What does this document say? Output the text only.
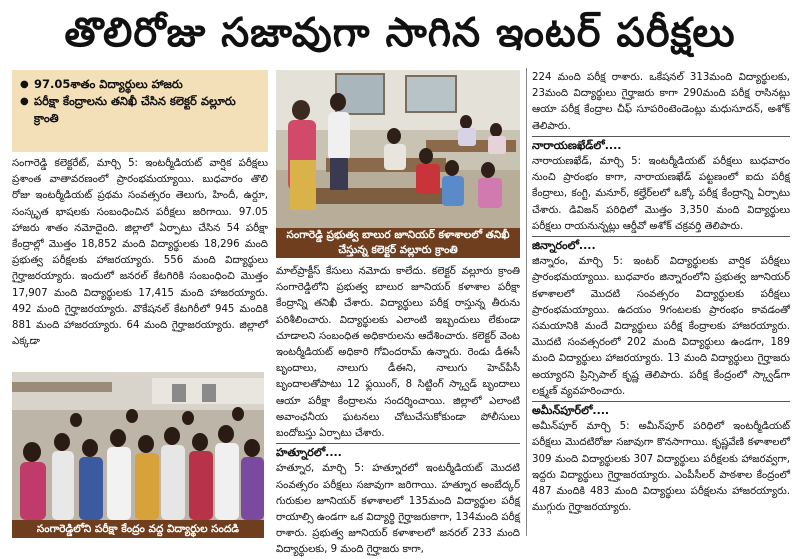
తొలిరోజు సజావుగా సాగిన ఇంటర్ పరీక్షలు
● 97.05శాతం విద్యార్థులు హాజరు
● పరీక్షా కేంద్రాలను తనిఖీ చేసిన కలెక్టర్ వల్లూరు క్రాంతి

సంగారెడ్డి కలెక్టరేట్, మార్చి 5: ఇంటర్మీడియట్ వార్షిక పరీక్షలు ప్రశాంత వాతావరణంలో ప్రారంభమయ్యాయి. బుధవారం తొలి రోజు ఇంటర్మీడియట్ ప్రథమ సంవత్సరం తెలుగు, హిందీ, ఉర్దూ, సంస్కృత భాషలకు సంబంధించిన పరీక్షలు జరిగాయి. 97.05 హాజరు శాతం నమోదైంది. జిల్లాలో ఏర్పాటు చేసిన 54 పరీక్షా కేంద్రాల్లో మొత్తం 18,852 మంది విద్యార్థులకు 18,296 మంది ప్రభుత్వ పరీక్షలకు హాజరయ్యారు. 556 మంది విద్యార్థులు గైర్హాజరయ్యారు. ఇందులో జనరల్ కేటగిరికి సంబంధించి మొత్తం 17,907 మంది విద్యార్థులకు 17,415 మంది హాజరయ్యారు. 492 మంది గైర్హాజరయ్యారు. వొకేషనల్ కేటగిరీలో 945 మందికి 881 మంది హాజరయ్యారు. 64 మంది గైర్హాజరయ్యారు. జిల్లాలో ఎక్కడా

సంగారెడ్డి ప్రభుత్వ బాలుర జూనియర్ కళాశాలలో తనిఖీ చేస్తున్న కలెక్టర్ వల్లూరు క్రాంతి
సంగారెడ్డిలోని పరీక్షా కేంద్రం వద్ద విద్యార్థుల సందడి

మాల్‌ప్రాక్టీస్ కేసులు నమోదు కాలేదు. కలెక్టర్ వల్లూరు క్రాంతి సంగారెడ్డిలోని ప్రభుత్వ బాలుర జూనియర్ కళాశాల పరీక్షా కేంద్రాన్ని తనిఖీ చేశారు. విద్యార్థులు పరీక్ష రాస్తున్న తీరును పరిశీలించారు. విద్యార్థులకు ఎలాంటి ఇబ్బందులు లేకుండా చూడాలని సంబంధిత అధికారులను ఆదేశించారు. కలెక్టర్ వెంట ఇంటర్మీడియట్ అధికారి గోవిందరామ్ ఉన్నారు. రెండు డీఈసీ బృందాలు, నాలుగు డీఈని, నాలుగు హెచ్‌పీసీ బృందాలతోపాటు 12 ఫ్లయింగ్, 8 సిట్టింగ్ స్క్వాడ్ బృందాలు ఆయా పరీక్షా కేంద్రాలను సందర్శించాయి. జిల్లాలో ఎలాంటి అవాంఛనీయ ఘటనలు చోటుచేసుకోకుండా పోలీసులు బందోబస్తు ఏర్పాటు చేశారు.

హత్నూరలో....

హత్నూర, మార్చి 5: హత్నూరలో ఇంటర్మీడియట్ మొదటి సంవత్సరం పరీక్షలు సజావుగా జరిగాయి. హత్నూర అంబేద్కర్ గురుకుల జూనియర్ కళాశాలలో 135మంది విద్యార్థుల పరీక్ష రాయాల్సి ఉండగా ఒక విద్యార్థి గైర్హాజరుకాగా, 134మంది పరీక్ష రాశారు. ప్రభుత్వ జూనియర్ కళాశాలలో జనరల్ 233 మంది విద్యార్థులకు, 9 మంది గైర్హాజరు కాగా,

224 మంది పరీక్ష రాశారు. ఒకేషనల్ 313మంది విద్యార్థులకు, 23మంది విద్యార్థులు గైర్హాజరు కాగా 290మంది పరీక్ష రాసినట్లు ఆయా పరీక్ష కేంద్రాల చీఫ్ సూపరింటెండెంట్లు మధుసూదన్, అశోక్ తెలిపారు.

నారాయణఖేడ్‌లో....

నారాయణఖేడ్, మార్చి 5: ఇంటర్మీడియట్ పరీక్షలు బుధవారం నుంచి ప్రారంభం కాగా, నారాయణఖేడ్ పట్టణంలో ఐదు పరీక్ష కేంద్రాలు, కంగ్టి, మనూర్, కల్హేర్‌లలో ఒక్కో పరీక్ష కేంద్రాన్ని ఏర్పాటు చేశారు. డివిజన్ పరిధిలో మొత్తం 3,350 మంది విద్యార్థులు పరీక్షలు రాయనున్నట్లు ఆర్డీవో అశోక్ చక్రవర్తి తెలిపారు.

జిన్నారంలో....

జిన్నారం, మార్చి 5: ఇంటర్ విద్యార్థులకు వార్షిక పరీక్షలు ప్రారంభమయ్యాయి. బుధవారం జిన్నారంలోని ప్రభుత్వ జూనియర్ కళాశాలలో మొదటి సంవత్సరం విద్యార్థులకు పరీక్షలు ప్రారంభమయ్యాయి. ఉదయం 9గంటలకు ప్రారంభం కావడంతో సమయానికి మందే విద్యార్థులు పరీక్ష కేంద్రాలకు హాజరయ్యారు. మొదటి సంవత్సరంలో 202 మంది విద్యార్థులు ఉండగా, 189 మంది విద్యార్థులు హాజరయ్యారు. 13 మంది విద్యార్థులు గైర్హాజరు అయ్యారని ప్రిన్సిపాల్ కృష్ణ తెలిపారు. పరీక్ష కేంద్రంలో స్క్వాడ్‌గా లక్ష్మణ్ వ్యవహరించారు.

అమీన్‌పూర్‌లో....

అమీన్‌పూర్ మార్చి 5: అమీన్‌పూర్ పరిధిలో ఇంటర్మీడియట్ పరీక్షలు మొదటిరోజు సజావుగా కొనసాగాయి. కృష్ణవేణి కళాశాలలో 309 మంది విద్యార్థులకు 307 విద్యార్థులు పరీక్షలకు హాజరవ్వగా, ఇద్దరు విద్యార్థులు గైర్హాజరయ్యారు. ఎంపీసీలర్ పాఠశాల కేంద్రంలో 487 మందికి 483 మంది విద్యార్థులు పరీక్షలను హాజరయ్యారు. ముగ్గురు గైర్హాజరయ్యారు.
